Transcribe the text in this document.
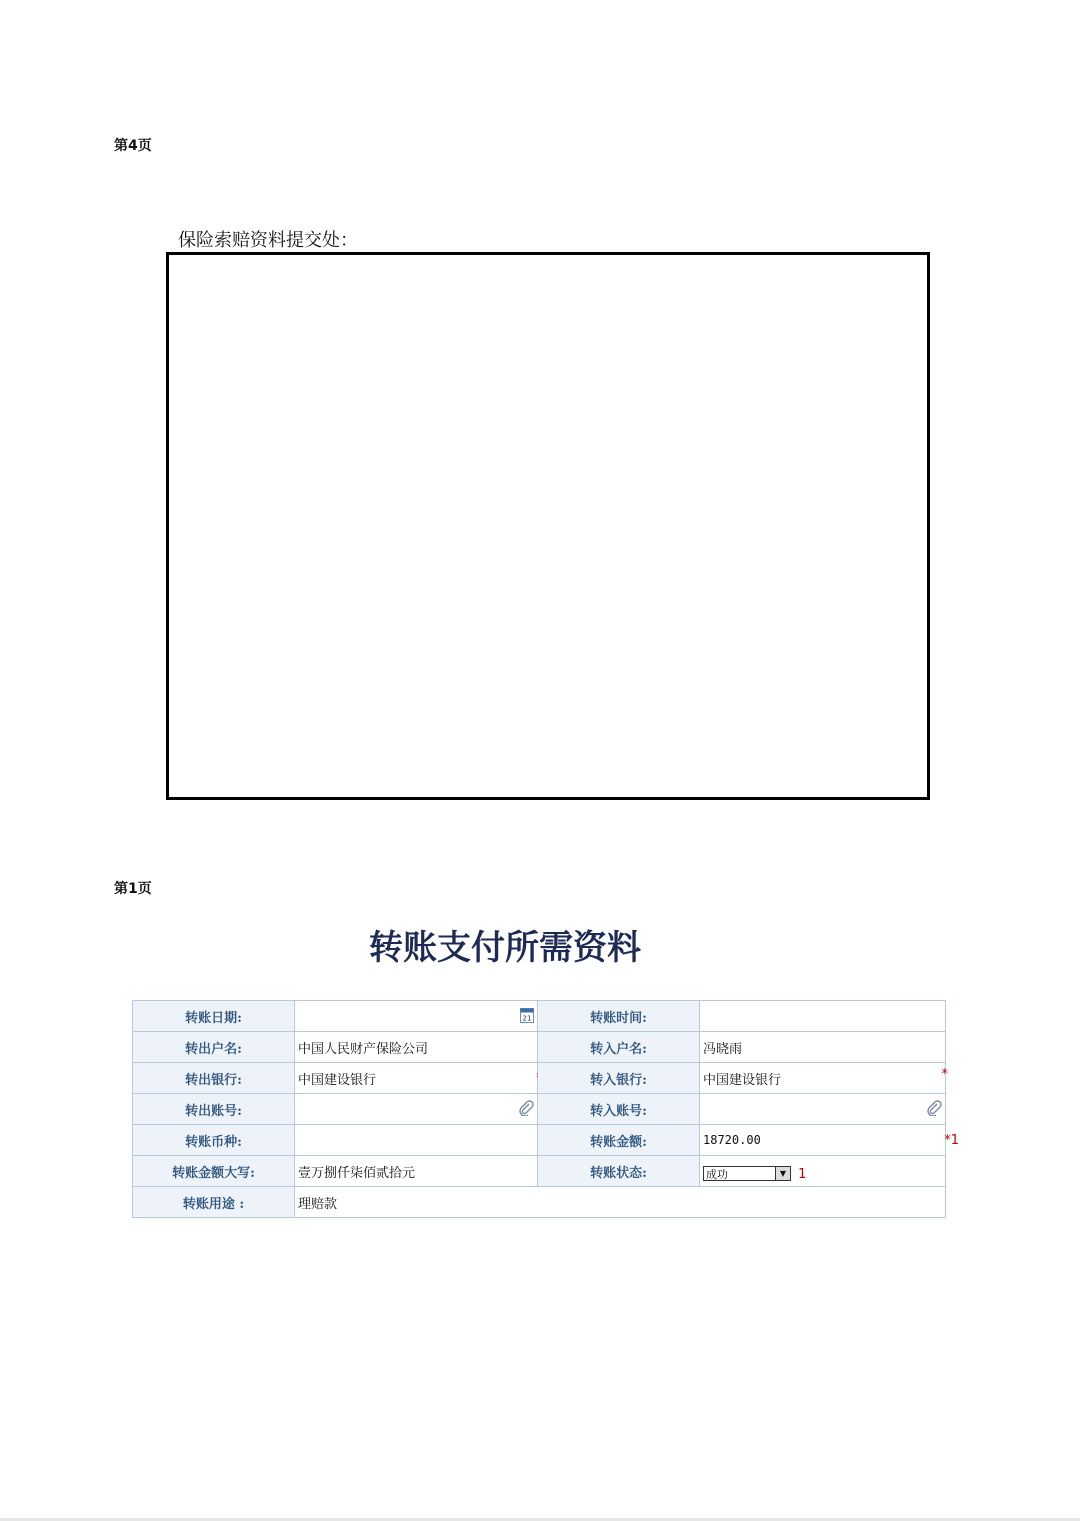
第4页
保险索赔资料提交处：
第1页
转账支付所需资料
转账日期:	21	转账时间:	
转出户名:	中国人民财产保险公司	转入户名:	冯晓雨
转出银行:	中国建设银行	转入银行:	中国建设银行 *

转出账号:		转入账号:	

转账币种:		转账金额:	18720.00 *1

转账金额大写:	壹万捌仟柒佰贰拾元	转账状态:	成功 ▼ 1
转账用途 :	理赔款		
